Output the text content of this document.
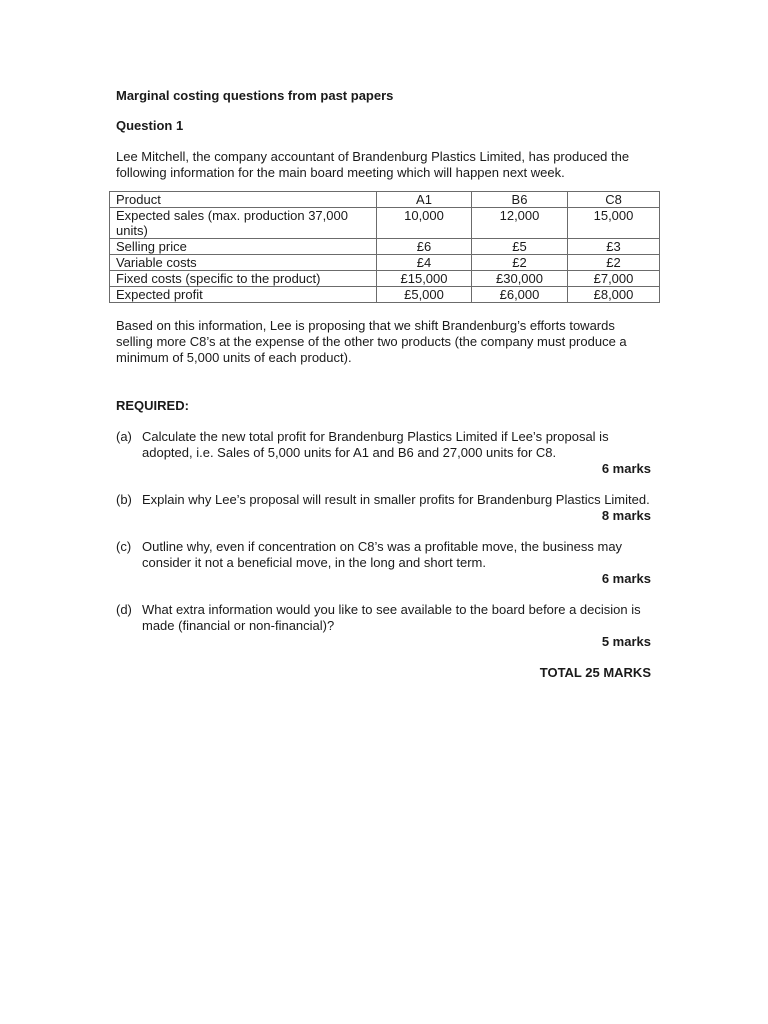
Marginal costing questions from past papers

Question 1

Lee Mitchell, the company accountant of Brandenburg Plastics Limited, has produced the following information for the main board meeting which will happen next week.

Product	A1	B6	C8
Expected sales (max. production 37,000 units)	10,000	12,000	15,000
Selling price	£6	£5	£3
Variable costs	£4	£2	£2
Fixed costs (specific to the product)	£15,000	£30,000	£7,000
Expected profit	£5,000	£6,000	£8,000

Based on this information, Lee is proposing that we shift Brandenburg’s efforts towards selling more C8’s at the expense of the other two products (the company must produce a minimum of 5,000 units of each product).

REQUIRED:

(a) Calculate the new total profit for Brandenburg Plastics Limited if Lee’s proposal is adopted, i.e. Sales of 5,000 units for A1 and B6 and 27,000 units for C8.
6 marks
(b) Explain why Lee’s proposal will result in smaller profits for Brandenburg Plastics Limited.
8 marks
(c) Outline why, even if concentration on C8’s was a profitable move, the business may consider it not a beneficial move, in the long and short term.
6 marks
(d) What extra information would you like to see available to the board before a decision is made (financial or non-financial)?
5 marks
TOTAL 25 MARKS
